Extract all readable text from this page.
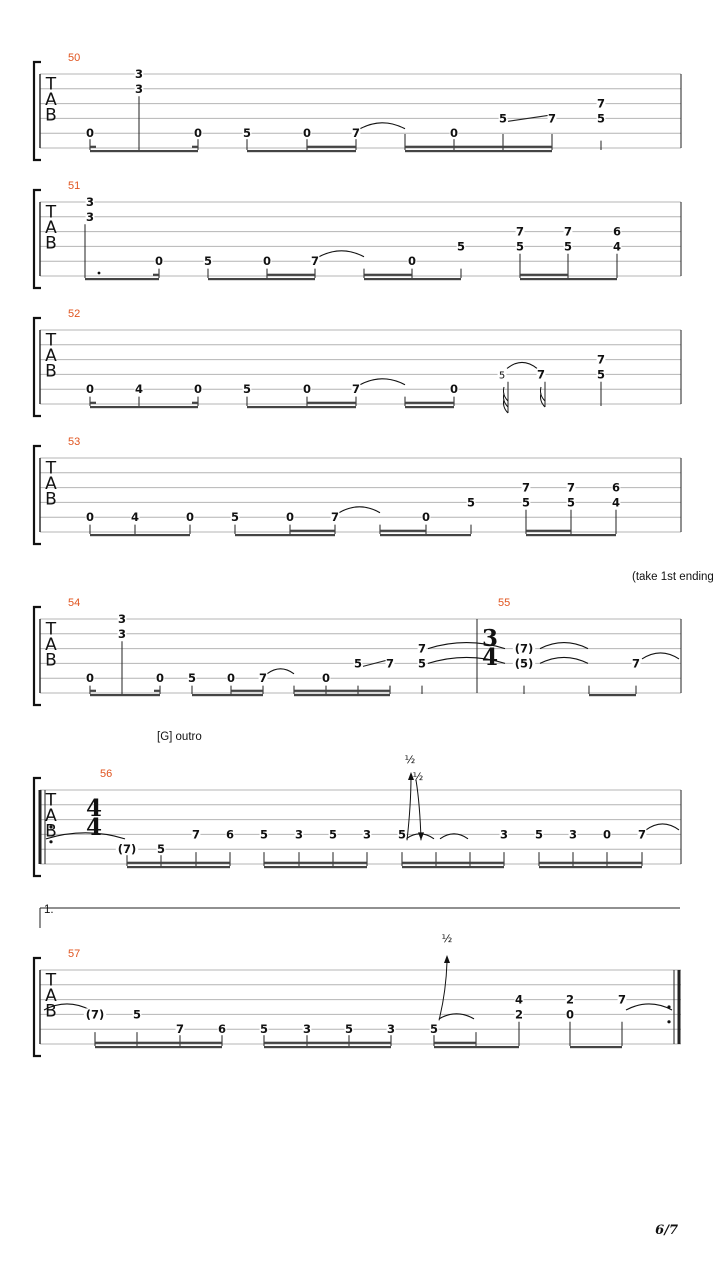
T
A
B
50
0
3
3
0	5	0	7	0
5	7
7
5
T
A
B
51
3
3
0	5	0	7	0
5
7
5
7
5
6
4
T
A
B
52
0	4	0	5	0	7	0
5	7
7
5
T
A
B
53
0	4	0	5	0	7	0
5
7
5
7
5
6
4
(take 1st ending
T
A
B
54	55
0
3
3
0 5	0 7	0
5 7
7
5
(7)
(5)	7
3
4
[G] outro
T
A
B
56
4
4
(7) 5
7 6 5 3 5 3 5	3 5 3 0 7
½
½
1.
T
A
B
57
(7) 5
7	6	5	3	5	3	5
4
2
2
0
7
½
6/7
